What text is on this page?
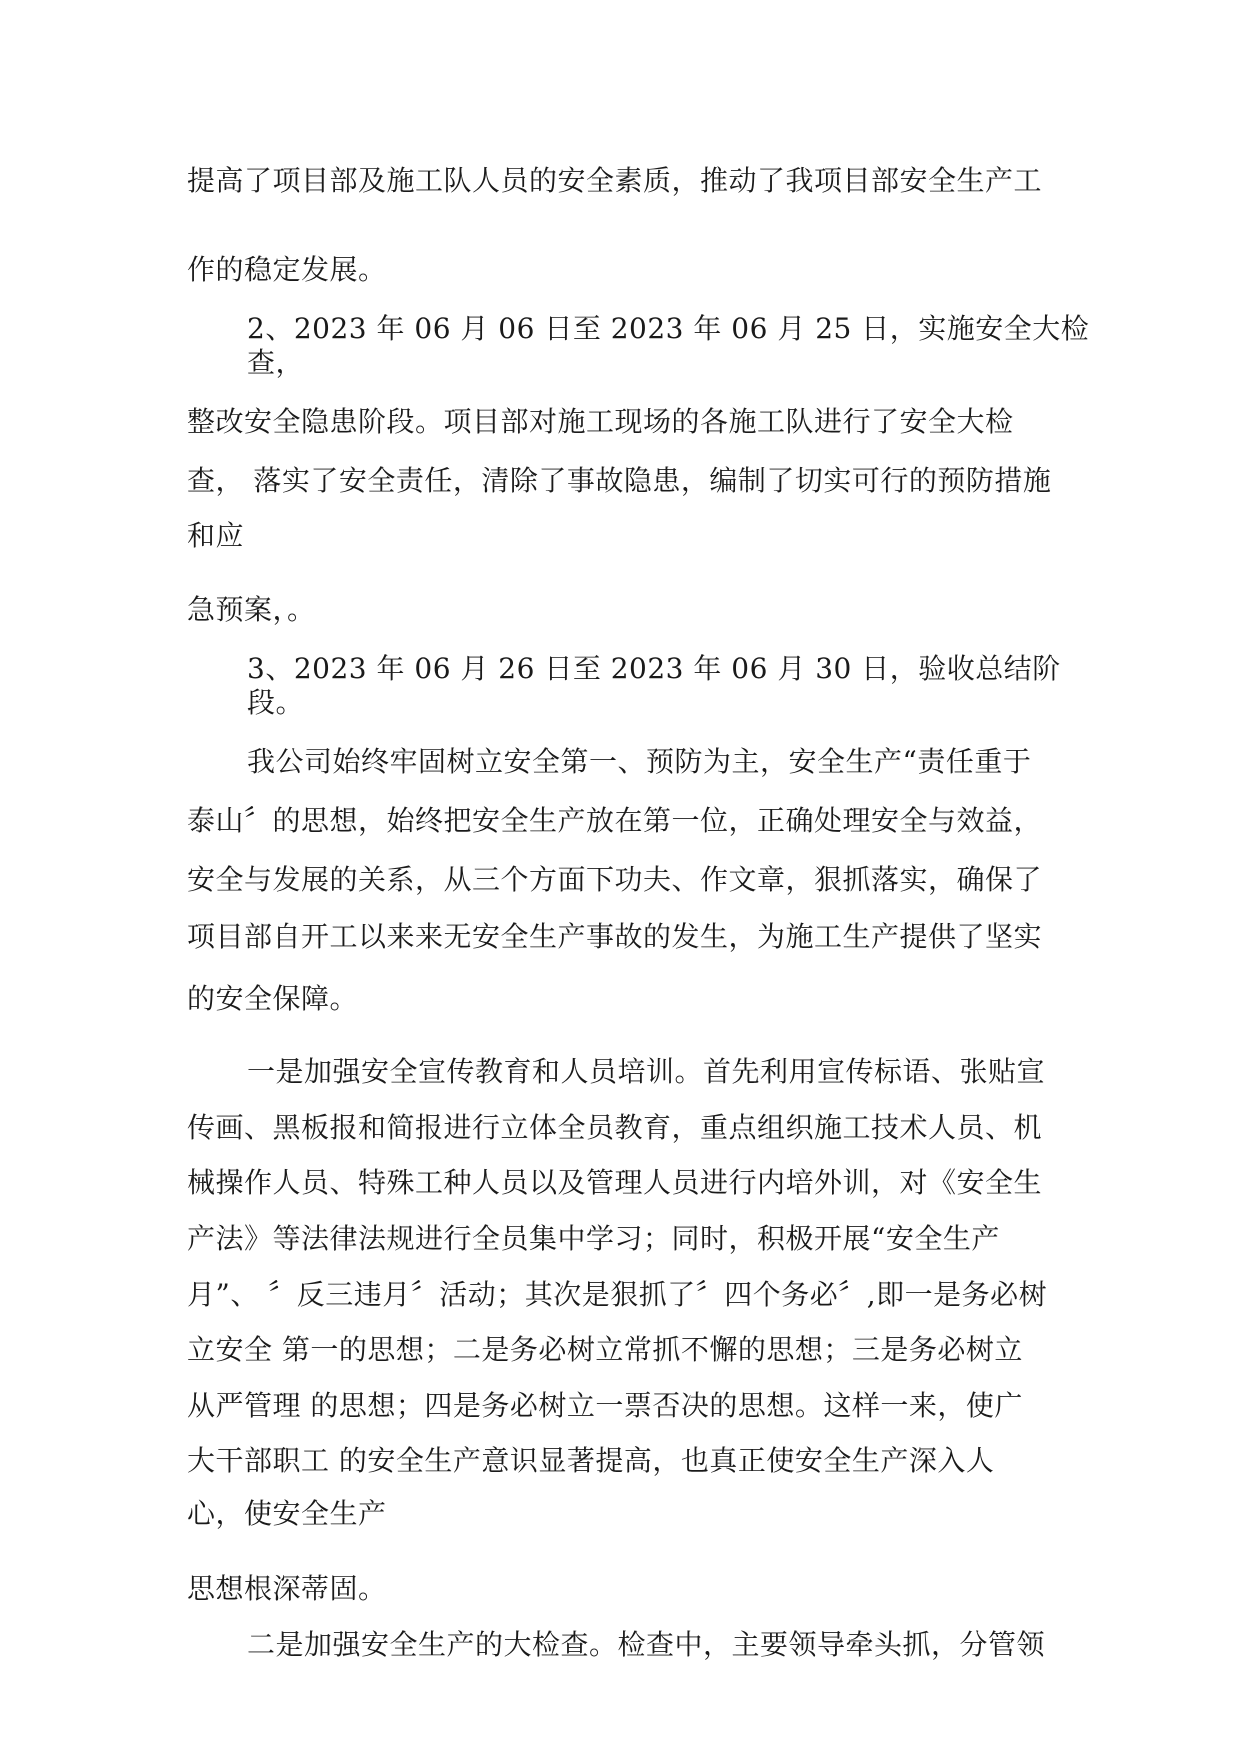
提高了项目部及施工队人员的安全素质，推动了我项目部安全生产工
作的稳定发展。
2、2023 年 06 月 06 日至 2023 年 06 月 25 日，实施安全大检
查，
整改安全隐患阶段。项目部对施工现场的各施工队进行了安全大检
查， 落实了安全责任，清除了事故隐患，编制了切实可行的预防措施
和应
急预案，。
3、2023 年 06 月 26 日至 2023 年 06 月 30 日，验收总结阶
段。
我公司始终牢固树立安全第一、预防为主，安全生产“责任重于
泰山〞的思想，始终把安全生产放在第一位，正确处理安全与效益，
安全与发展的关系，从三个方面下功夫、作文章，狠抓落实，确保了
项目部自开工以来来无安全生产事故的发生，为施工生产提供了坚实
的安全保障。
一是加强安全宣传教育和人员培训。首先利用宣传标语、张贴宣
传画、黑板报和简报进行立体全员教育，重点组织施工技术人员、机
械操作人员、特殊工种人员以及管理人员进行内培外训，对《安全生
产法》等法律法规进行全员集中学习；同时，积极开展“安全生产
月”、 〞反三违月〞活动；其次是狠抓了〞四个务必〞,即一是务必树
立安全 第一的思想；二是务必树立常抓不懈的思想；三是务必树立
从严管理 的思想；四是务必树立一票否决的思想。这样一来，使广
大干部职工 的安全生产意识显著提高，也真正使安全生产深入人
心，使安全生产
思想根深蒂固。
二是加强安全生产的大检查。检查中，主要领导牵头抓，分管领
